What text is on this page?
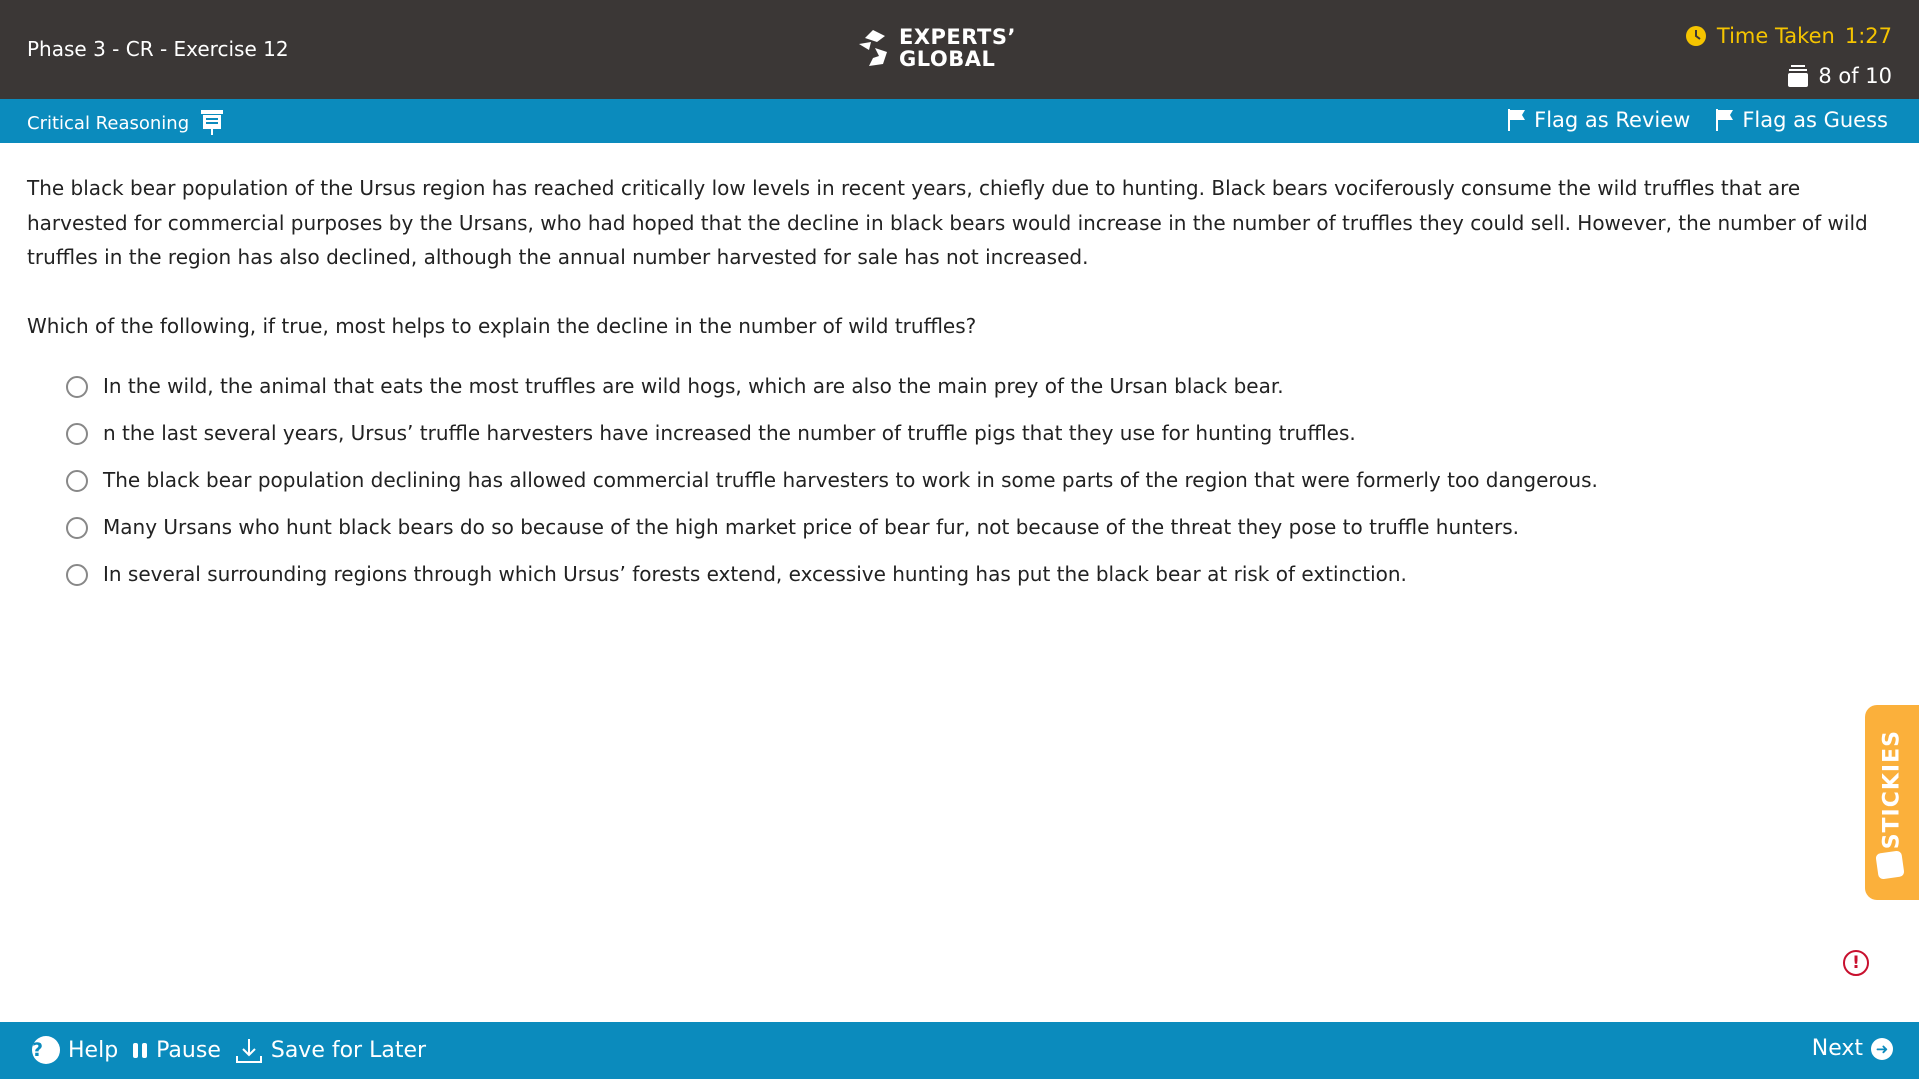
Phase 3 - CR - Exercise 12	EXPERTS’
GLOBAL
Time Taken 1:27
8 of 10
Critical Reasoning	Flag as Review Flag as Guess

The black bear population of the Ursus region has reached critically low levels in recent years, chiefly due to hunting. Black bears vociferously consume the wild truffles that are harvested for commercial purposes by the Ursans, who had hoped that the decline in black bears would increase in the number of truffles they could sell. However, the number of wild truffles in the region has also declined, although the annual number harvested for sale has not increased.

Which of the following, if true, most helps to explain the decline in the number of wild truffles?

In the wild, the animal that eats the most truffles are wild hogs, which are also the main prey of the Ursan black bear.
n the last several years, Ursus’ truffle harvesters have increased the number of truffle pigs that they use for hunting truffles.
The black bear population declining has allowed commercial truffle harvesters to work in some parts of the region that were formerly too dangerous.
Many Ursans who hunt black bears do so because of the high market price of bear fur, not because of the threat they pose to truffle hunters.
In several surrounding regions through which Ursus’ forests extend, excessive hunting has put the black bear at risk of extinction.
STICKIES
!
?	Help Pause Save for Later	Next ➜
